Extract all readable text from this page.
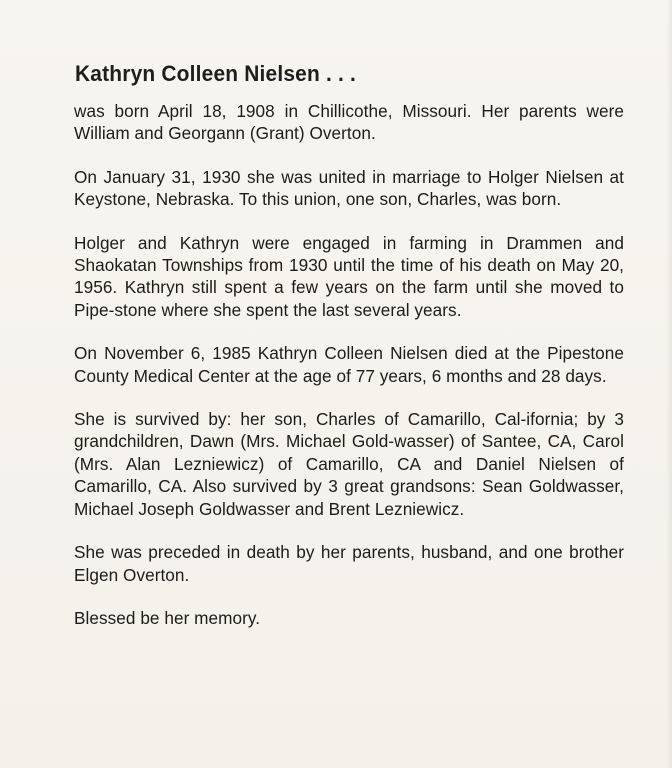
Kathryn Colleen Nielsen . . .

was born April 18, 1908 in Chillicothe, Missouri. Her parents were William and Georgann (Grant) Overton.

On January 31, 1930 she was united in marriage to Holger Nielsen at Keystone, Nebraska. To this union, one son, Charles, was born.

Holger and Kathryn were engaged in farming in Drammen and Shaokatan Townships from 1930 until the time of his death on May 20, 1956. Kathryn still spent a few years on the farm until she moved to Pipe-stone where she spent the last several years.

On November 6, 1985 Kathryn Colleen Nielsen died at the Pipestone County Medical Center at the age of 77 years, 6 months and 28 days.

She is survived by: her son, Charles of Camarillo, Cal-ifornia; by 3 grandchildren, Dawn (Mrs. Michael Gold-wasser) of Santee, CA, Carol (Mrs. Alan Lezniewicz) of Camarillo, CA and Daniel Nielsen of Camarillo, CA. Also survived by 3 great grandsons: Sean Goldwasser, Michael Joseph Goldwasser and Brent Lezniewicz.

She was preceded in death by her parents, husband, and one brother Elgen Overton.

Blessed be her memory.
